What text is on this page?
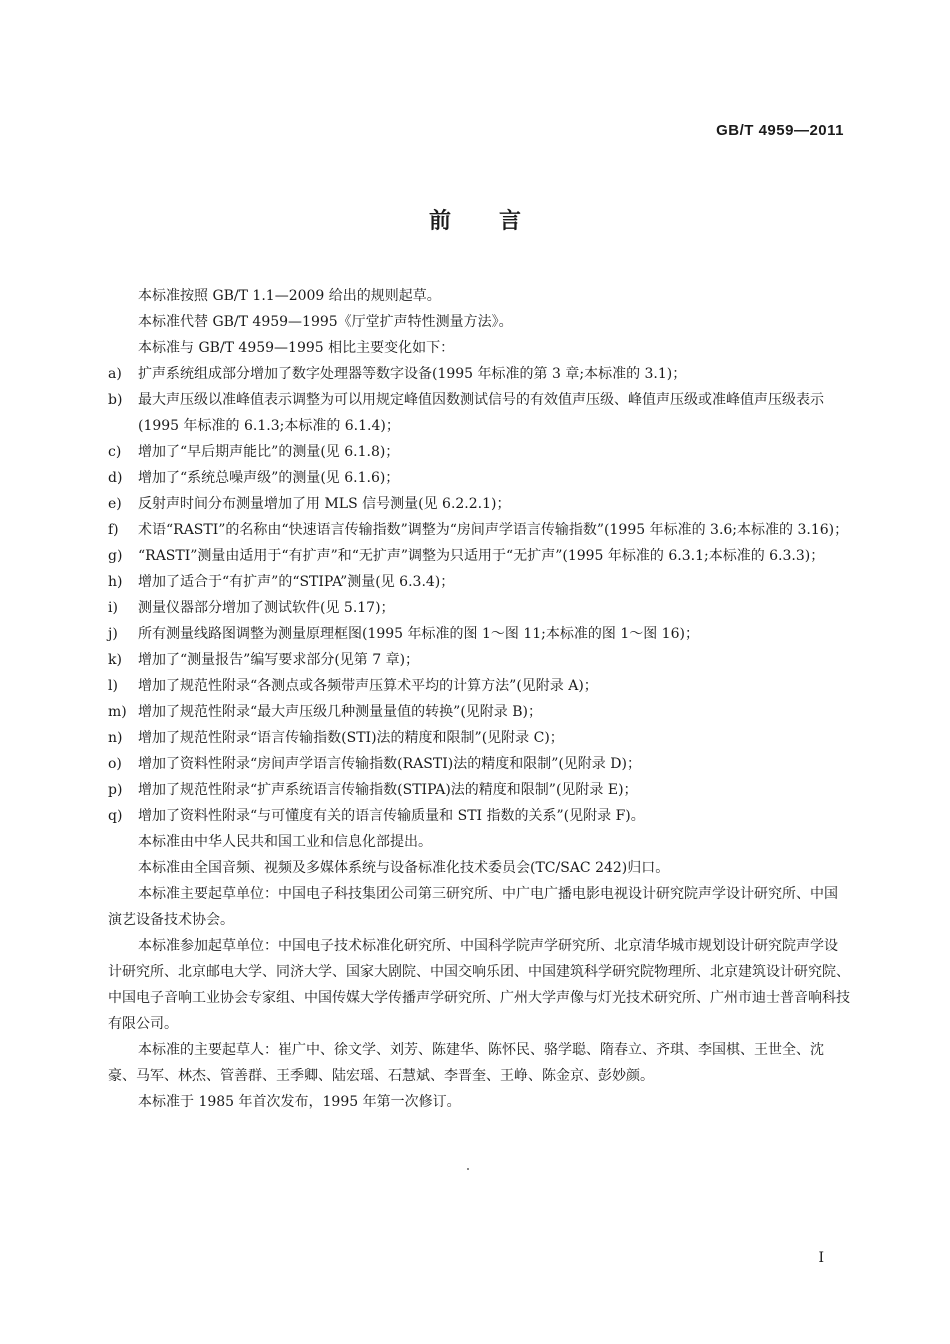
GB/T 4959—2011
前言

本标准按照 GB/T 1.1—2009 给出的规则起草。

本标准代替 GB/T 4959—1995《厅堂扩声特性测量方法》。

本标准与 GB/T 4959—1995 相比主要变化如下：

a)	扩声系统组成部分增加了数字处理器等数字设备(1995 年标准的第 3 章;本标准的 3.1)；
b)	最大声压级以准峰值表示调整为可以用规定峰值因数测试信号的有效值声压级、峰值声压级或准峰值声压级表示(1995 年标准的 6.1.3;本标准的 6.1.4)；
c)	增加了“早后期声能比”的测量(见 6.1.8)；
d)	增加了“系统总噪声级”的测量(见 6.1.6)；
e)	反射声时间分布测量增加了用 MLS 信号测量(见 6.2.2.1)；
f)	术语“RASTI”的名称由“快速语言传输指数”调整为“房间声学语言传输指数”(1995 年标准的 3.6;本标准的 3.16)；
g)	“RASTI”测量由适用于“有扩声”和“无扩声”调整为只适用于“无扩声”(1995 年标准的 6.3.1;本标准的 6.3.3)；
h)	增加了适合于“有扩声”的“STIPA”测量(见 6.3.4)；
i)	测量仪器部分增加了测试软件(见 5.17)；
j)	所有测量线路图调整为测量原理框图(1995 年标准的图 1～图 11;本标准的图 1～图 16)；
k)	增加了“测量报告”编写要求部分(见第 7 章)；
l)	增加了规范性附录“各测点或各频带声压算术平均的计算方法”(见附录 A)；
m) 增加了规范性附录“最大声压级几种测量量值的转换”(见附录 B)；
n)	增加了规范性附录“语言传输指数(STI)法的精度和限制”(见附录 C)；
o)	增加了资料性附录“房间声学语言传输指数(RASTI)法的精度和限制”(见附录 D)；
p)	增加了规范性附录“扩声系统语言传输指数(STIPA)法的精度和限制”(见附录 E)；
q)	增加了资料性附录“与可懂度有关的语言传输质量和 STI 指数的关系”(见附录 F)。

本标准由中华人民共和国工业和信息化部提出。

本标准由全国音频、视频及多媒体系统与设备标准化技术委员会(TC/SAC 242)归口。

本标准主要起草单位：中国电子科技集团公司第三研究所、中广电广播电影电视设计研究院声学设计研究所、中国演艺设备技术协会。

本标准参加起草单位：中国电子技术标准化研究所、中国科学院声学研究所、北京清华城市规划设计研究院声学设计研究所、北京邮电大学、同济大学、国家大剧院、中国交响乐团、中国建筑科学研究院物理所、北京建筑设计研究院、中国电子音响工业协会专家组、中国传媒大学传播声学研究所、广州大学声像与灯光技术研究所、广州市迪士普音响科技有限公司。

本标准的主要起草人：崔广中、徐文学、刘芳、陈建华、陈怀民、骆学聪、隋春立、齐琪、李国棋、王世全、沈豪、马军、林杰、管善群、王季卿、陆宏瑶、石慧斌、李晋奎、王峥、陈金京、彭妙颜。

本标准于 1985 年首次发布，1995 年第一次修订。

I
